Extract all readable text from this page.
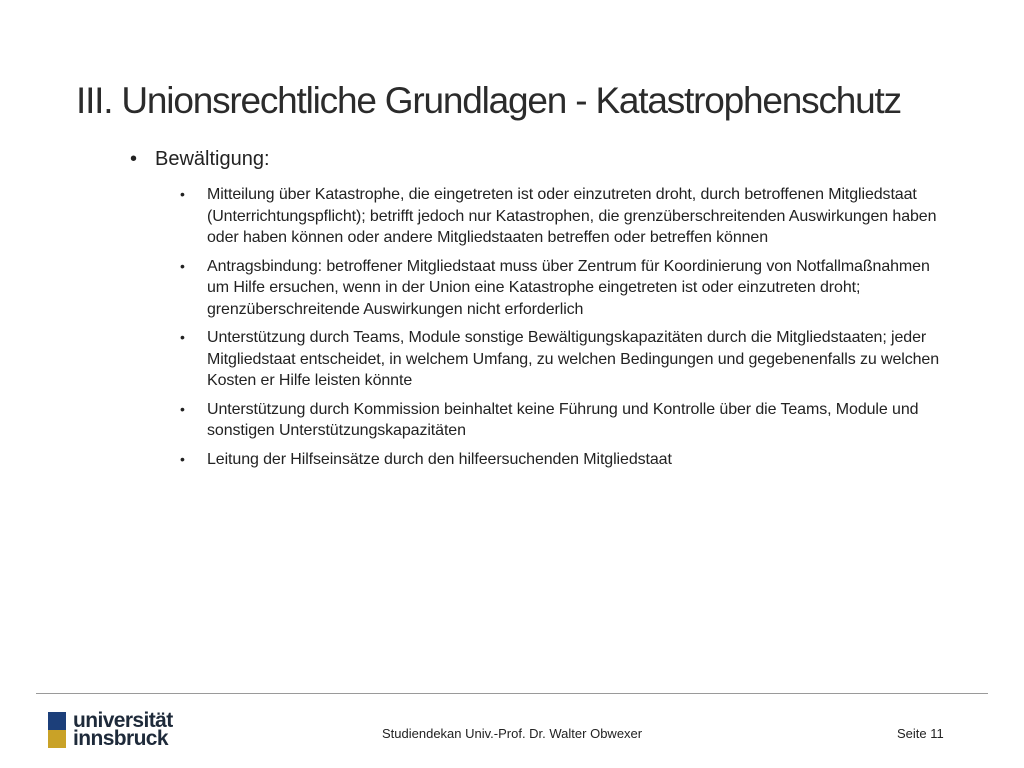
III. Unionsrechtliche Grundlagen - Katastrophenschutz
• Bewältigung:
•	Mitteilung über Katastrophe, die eingetreten ist oder einzutreten droht, durch betroffenen Mitgliedstaat (Unterrichtungspflicht); betrifft jedoch nur Katastrophen, die grenzüberschreitenden Auswirkungen haben oder haben können oder andere Mitgliedstaaten betreffen oder betreffen können
•	Antragsbindung: betroffener Mitgliedstaat muss über Zentrum für Koordinierung von Notfallmaßnahmen um Hilfe ersuchen, wenn in der Union eine Katastrophe eingetreten ist oder einzutreten droht; grenzüberschreitende Auswirkungen nicht erforderlich
•	Unterstützung durch Teams, Module sonstige Bewältigungskapazitäten durch die Mitgliedstaaten; jeder Mitgliedstaat entscheidet, in welchem Umfang, zu welchen Bedingungen und gegebenenfalls zu welchen Kosten er Hilfe leisten könnte
•	Unterstützung durch Kommission beinhaltet keine Führung und Kontrolle über die Teams, Module und sonstigen Unterstützungskapazitäten
•	Leitung der Hilfseinsätze durch den hilfeersuchenden Mitgliedstaat
universität
innsbruck	Studiendekan Univ.-Prof. Dr. Walter Obwexer	Seite 11
